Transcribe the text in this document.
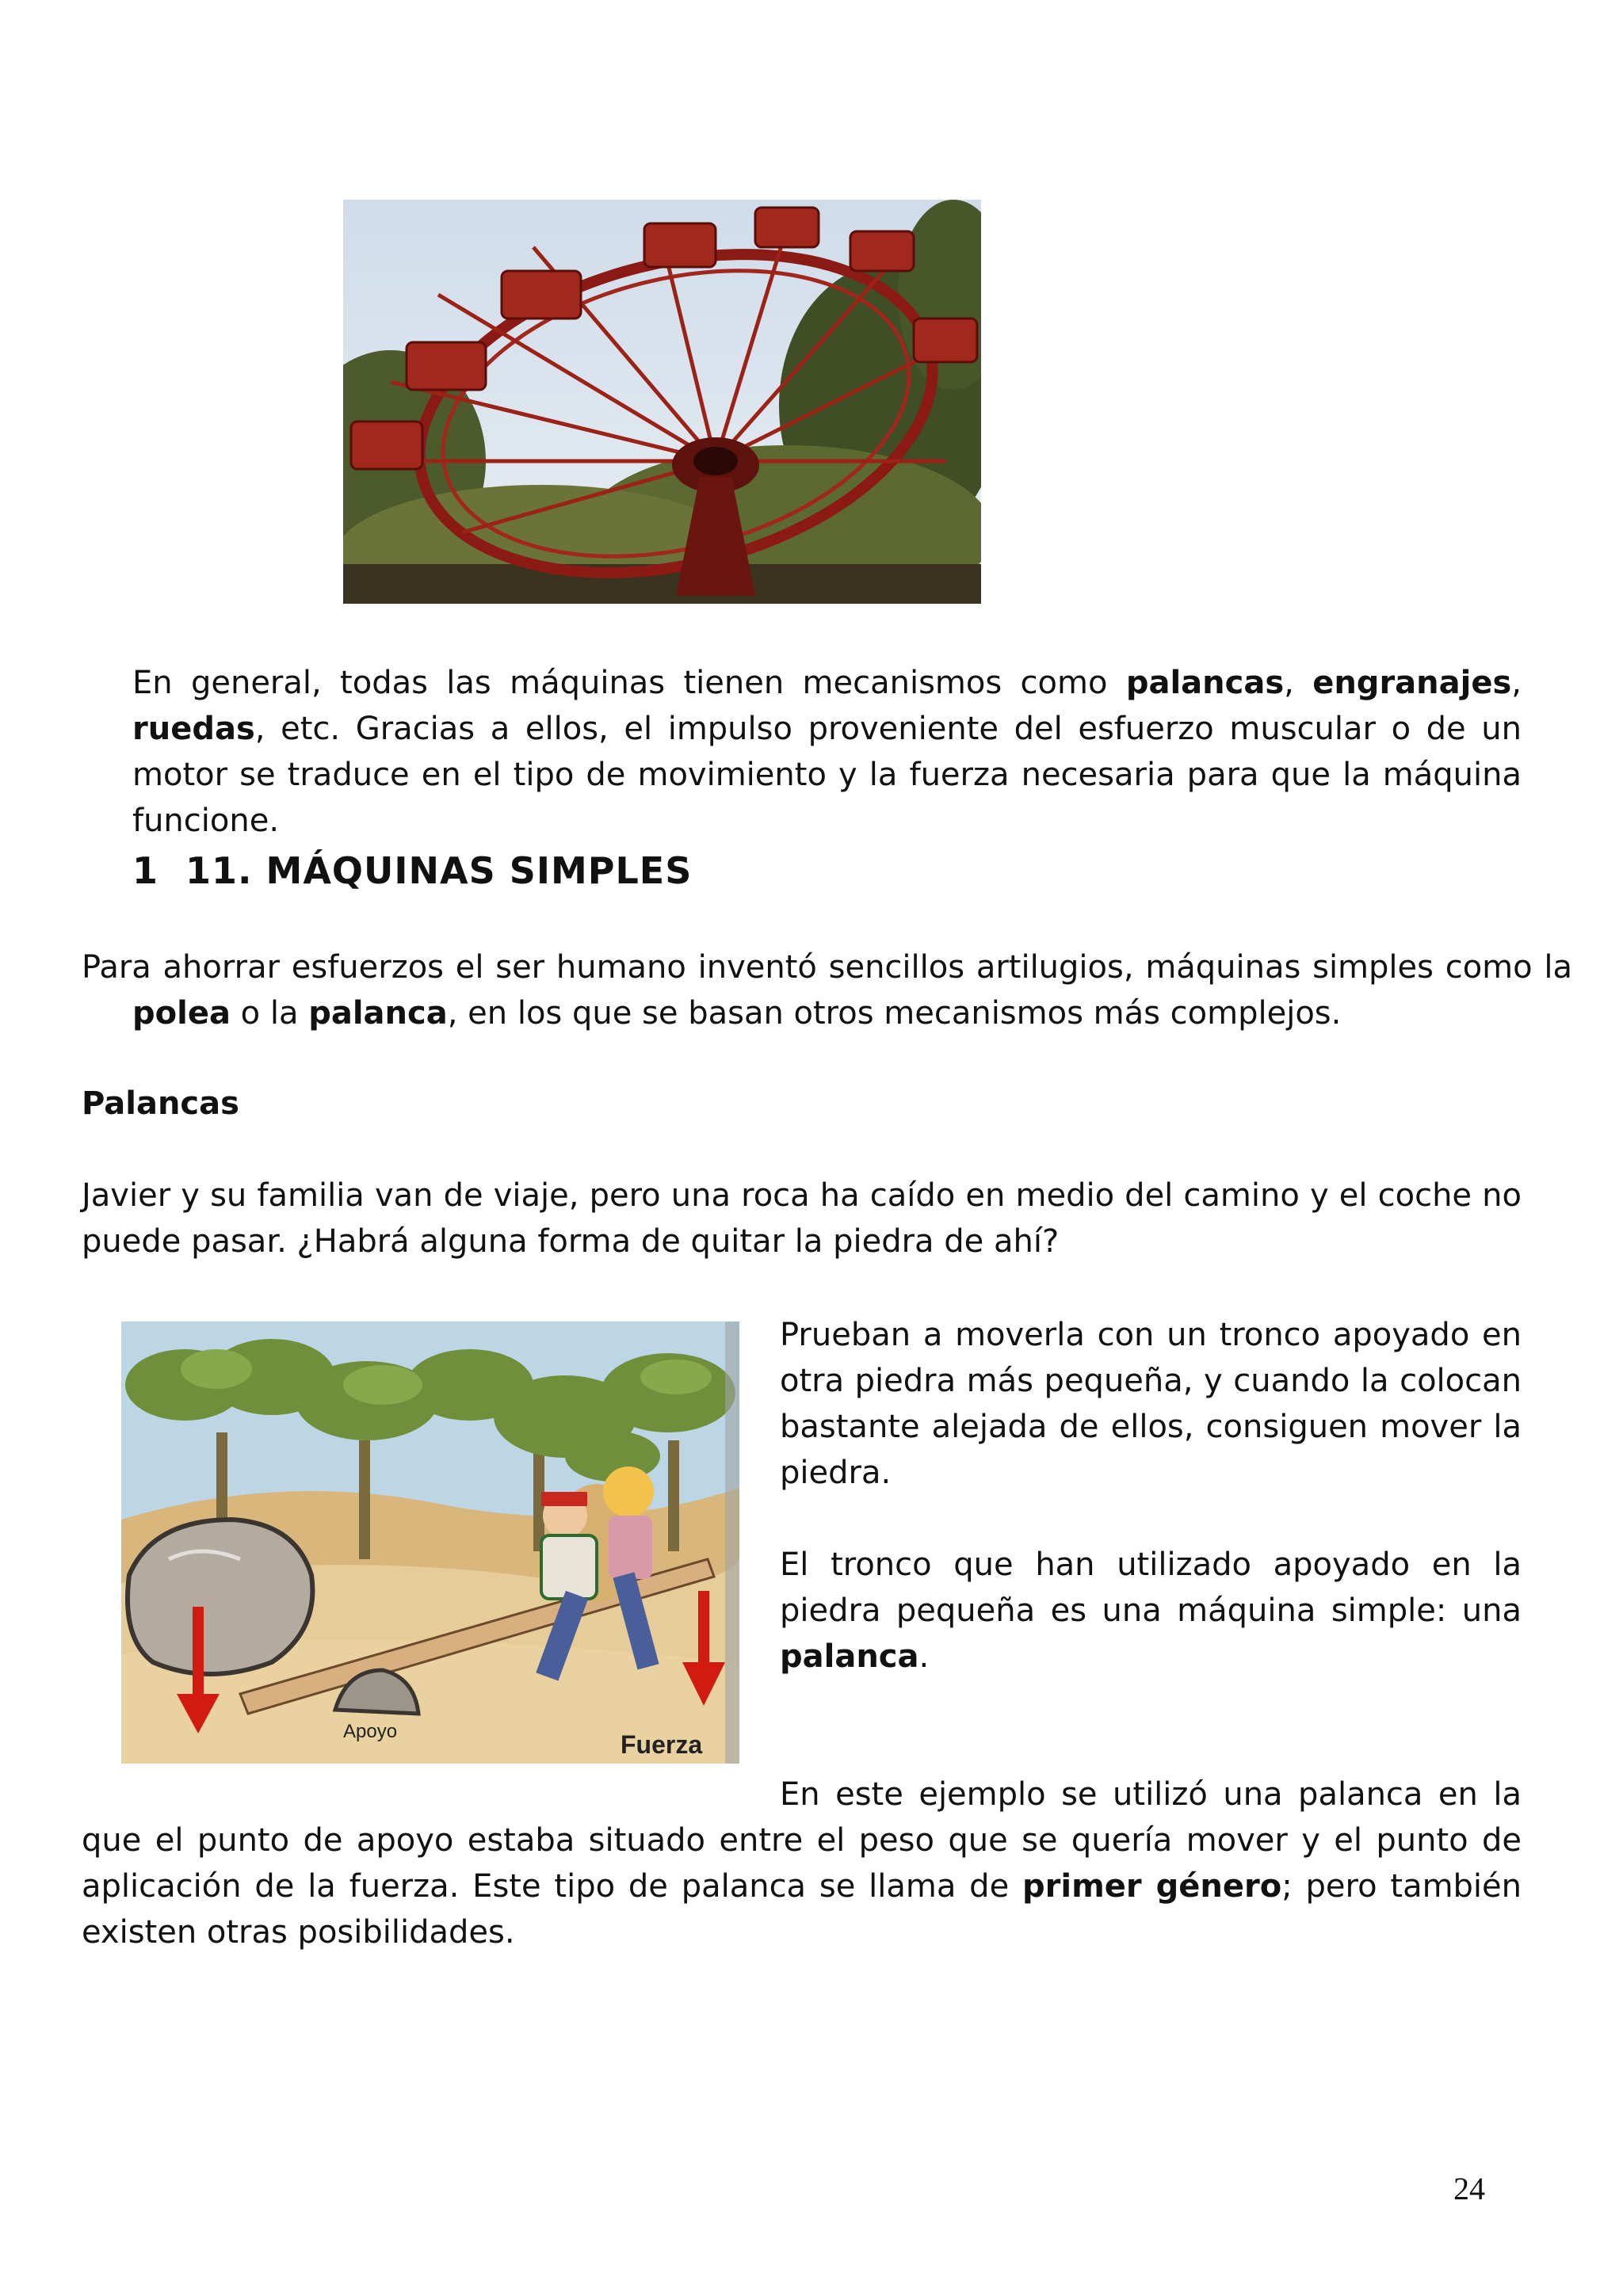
En general, todas las máquinas tienen mecanismos como palancas, engranajes, ruedas, etc. Gracias a ellos, el impulso proveniente del esfuerzo muscular o de un motor se traduce en el tipo de movimiento y la fuerza necesaria para que la máquina funcione.

1  11. MÁQUINAS SIMPLES

Para ahorrar esfuerzos el ser humano inventó sencillos artilugios, máquinas simples como la polea o la palanca, en los que se basan otros mecanismos más complejos.

Palancas

Javier y su familia van de viaje, pero una roca ha caído en medio del camino y el coche no puede pasar. ¿Habrá alguna forma de quitar la piedra de ahí?

Apoyo	Fuerza

Prueban a moverla con un tronco apoyado en otra piedra más pequeña, y cuando la colocan bastante alejada de ellos, consiguen mover la piedra.

El tronco que han utilizado apoyado en la piedra pequeña es una máquina simple: una palanca.

En este ejemplo se utilizó una palanca en la que el punto de apoyo estaba situado entre el peso que se quería mover y el punto de aplicación de la fuerza. Este tipo de palanca se llama de primer género; pero también existen otras posibilidades.

24
